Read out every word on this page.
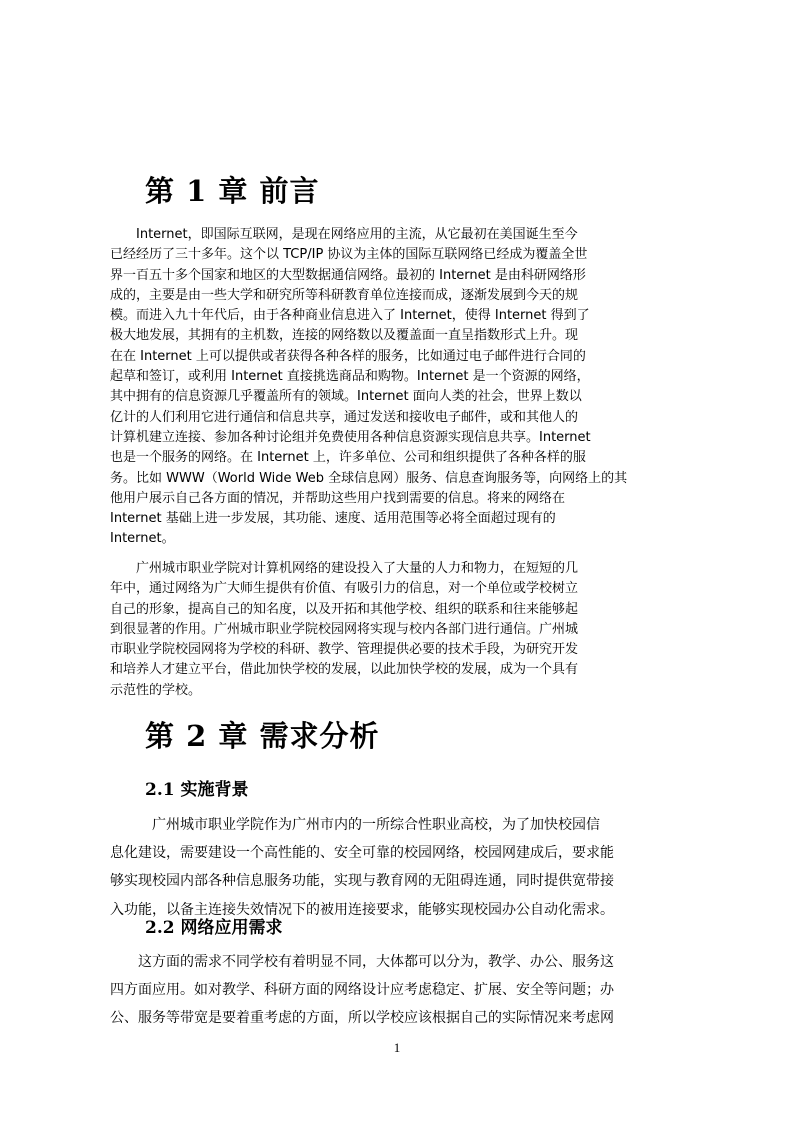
第 1 章 前言
　　Internet，即国际互联网，是现在网络应用的主流，从它最初在美国诞生至今
已经经历了三十多年。这个以 TCP/IP 协议为主体的国际互联网络已经成为覆盖全世
界一百五十多个国家和地区的大型数据通信网络。最初的 Internet 是由科研网络形
成的，主要是由一些大学和研究所等科研教育单位连接而成，逐渐发展到今天的规
模。而进入九十年代后，由于各种商业信息进入了 Internet，使得 Internet 得到了
极大地发展，其拥有的主机数，连接的网络数以及覆盖面一直呈指数形式上升。现
在在 Internet 上可以提供或者获得各种各样的服务，比如通过电子邮件进行合同的
起草和签订，或利用 Internet 直接挑选商品和购物。Internet 是一个资源的网络，
其中拥有的信息资源几乎覆盖所有的领域。Internet 面向人类的社会，世界上数以
亿计的人们利用它进行通信和信息共享，通过发送和接收电子邮件，或和其他人的
计算机建立连接、参加各种讨论组并免费使用各种信息资源实现信息共享。Internet
也是一个服务的网络。在 Internet 上，许多单位、公司和组织提供了各种各样的服
务。比如 WWW（World Wide Web 全球信息网）服务、信息查询服务等，向网络上的其
他用户展示自己各方面的情况，并帮助这些用户找到需要的信息。将来的网络在
Internet 基础上进一步发展，其功能、速度、适用范围等必将全面超过现有的
Internet。
　　广州城市职业学院对计算机网络的建设投入了大量的人力和物力，在短短的几
年中，通过网络为广大师生提供有价值、有吸引力的信息，对一个单位或学校树立
自己的形象，提高自己的知名度，以及开拓和其他学校、组织的联系和往来能够起
到很显著的作用。广州城市职业学院校园网将实现与校内各部门进行通信。广州城
市职业学院校园网将为学校的科研、教学、管理提供必要的技术手段，为研究开发
和培养人才建立平台，借此加快学校的发展，以此加快学校的发展，成为一个具有
示范性的学校。
第 2 章 需求分析
2.1 实施背景
　　　广州城市职业学院作为广州市内的一所综合性职业高校，为了加快校园信
息化建设，需要建设一个高性能的、安全可靠的校园网络，校园网建成后，要求能
够实现校园内部各种信息服务功能，实现与教育网的无阻碍连通，同时提供宽带接
入功能，以备主连接失效情况下的被用连接要求，能够实现校园办公自动化需求。
2.2 网络应用需求
　　这方面的需求不同学校有着明显不同，大体都可以分为，教学、办公、服务这
四方面应用。如对教学、科研方面的网络设计应考虑稳定、扩展、安全等问题；办
公、服务等带宽是要着重考虑的方面，所以学校应该根据自己的实际情况来考虑网
1
